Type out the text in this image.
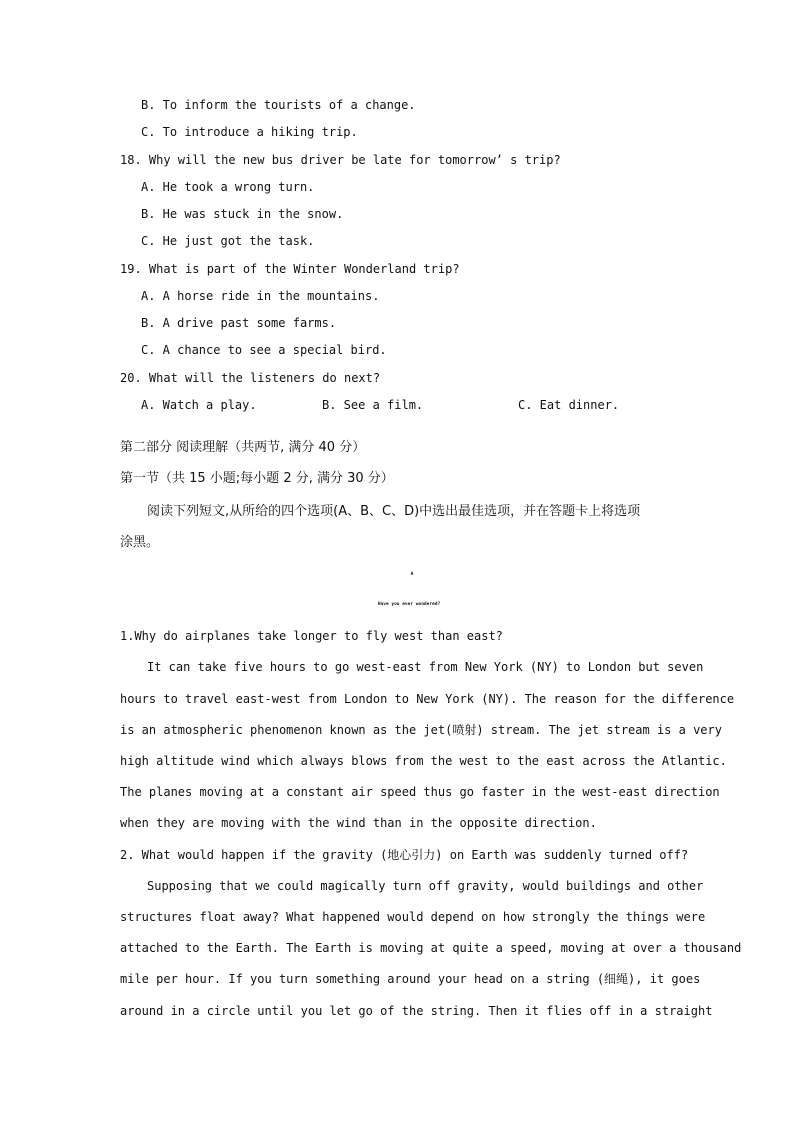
B. To inform the tourists of a change.
C. To introduce a hiking trip.
18. Why will the new bus driver be late for tomorrow’ s trip?
A. He took a wrong turn.
B. He was stuck in the snow.
C. He just got the task.
19. What is part of the Winter Wonderland trip?
A. A horse ride in the mountains.
B. A drive past some farms.
C. A chance to see a special bird.
20. What will the listeners do next?
A. Watch a play.	B. See a film.	C. Eat dinner.
第二部分 阅读理解（共两节, 满分 40 分）
第一节（共 15 小题;每小题 2 分, 满分 30 分）
阅读下列短文,从所给的四个选项(A、B、C、D)中选出最佳选项，并在答题卡上将选项
涂黑。
A
Have you ever wondered?
1.Why do airplanes take longer to fly west than east?
It can take five hours to go west-east from New York (NY) to London but seven
hours to travel east-west from London to New York (NY). The reason for the difference
is an atmospheric phenomenon known as the jet(喷射) stream. The jet stream is a very
high altitude wind which always blows from the west to the east across the Atlantic.
The planes moving at a constant air speed thus go faster in the west-east direction
when they are moving with the wind than in the opposite direction.
2. What would happen if the gravity (地心引力) on Earth was suddenly turned off?
Supposing that we could magically turn off gravity, would buildings and other
structures float away? What happened would depend on how strongly the things were
attached to the Earth. The Earth is moving at quite a speed, moving at over a thousand
mile per hour. If you turn something around your head on a string (细绳), it goes
around in a circle until you let go of the string. Then it flies off in a straight
